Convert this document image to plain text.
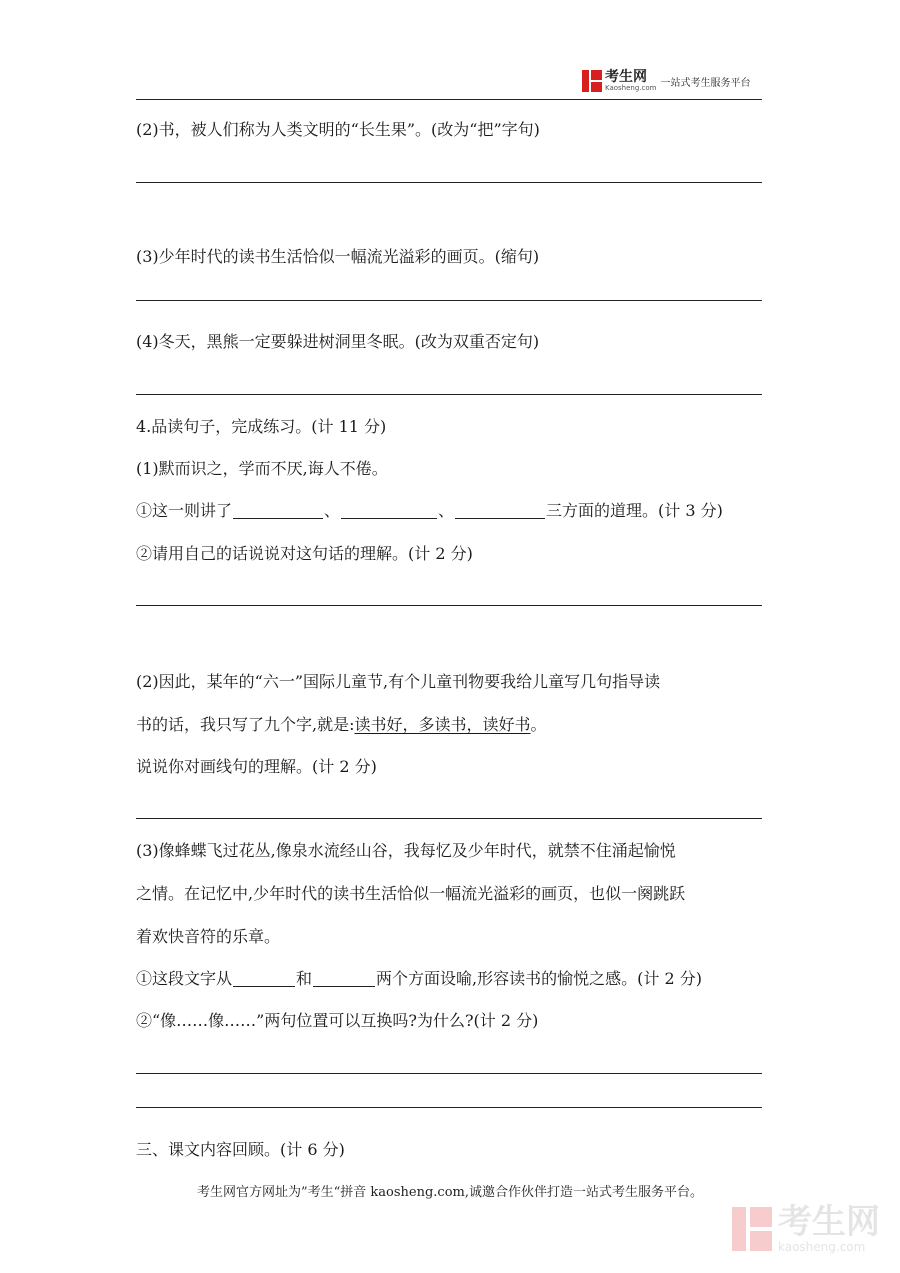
考生网
Kaosheng.com 一站式考生服务平台
(2)书，被人们称为人类文明的“长生果”。(改为“把”字句)
(3)少年时代的读书生活恰似一幅流光溢彩的画页。(缩句)
(4)冬天，黑熊一定要躲进树洞里冬眠。(改为双重否定句)
4.品读句子，完成练习。(计 11 分)
(1)默而识之，学而不厌,诲人不倦。
①这一则讲了	、	、	三方面的道理。(计 3 分)
②请用自己的话说说对这句话的理解。(计 2 分)
(2)因此，某年的“六一”国际儿童节,有个儿童刊物要我给儿童写几句指导读
书的话，我只写了九个字,就是:读书好，多读书，读好书。
说说你对画线句的理解。(计 2 分)
(3)像蜂蝶飞过花丛,像泉水流经山谷，我每忆及少年时代，就禁不住涌起愉悦
之情。在记忆中,少年时代的读书生活恰似一幅流光溢彩的画页，也似一阕跳跃
着欢快音符的乐章。
①这段文字从	和	两个方面设喻,形容读书的愉悦之感。(计 2 分)
②“像……像……”两句位置可以互换吗?为什么?(计 2 分)
三、课文内容回顾。(计 6 分)
考生网官方网址为”考生“拼音 kaosheng.com,诚邀合作伙伴打造一站式考生服务平台。
考生网
kaosheng.com
